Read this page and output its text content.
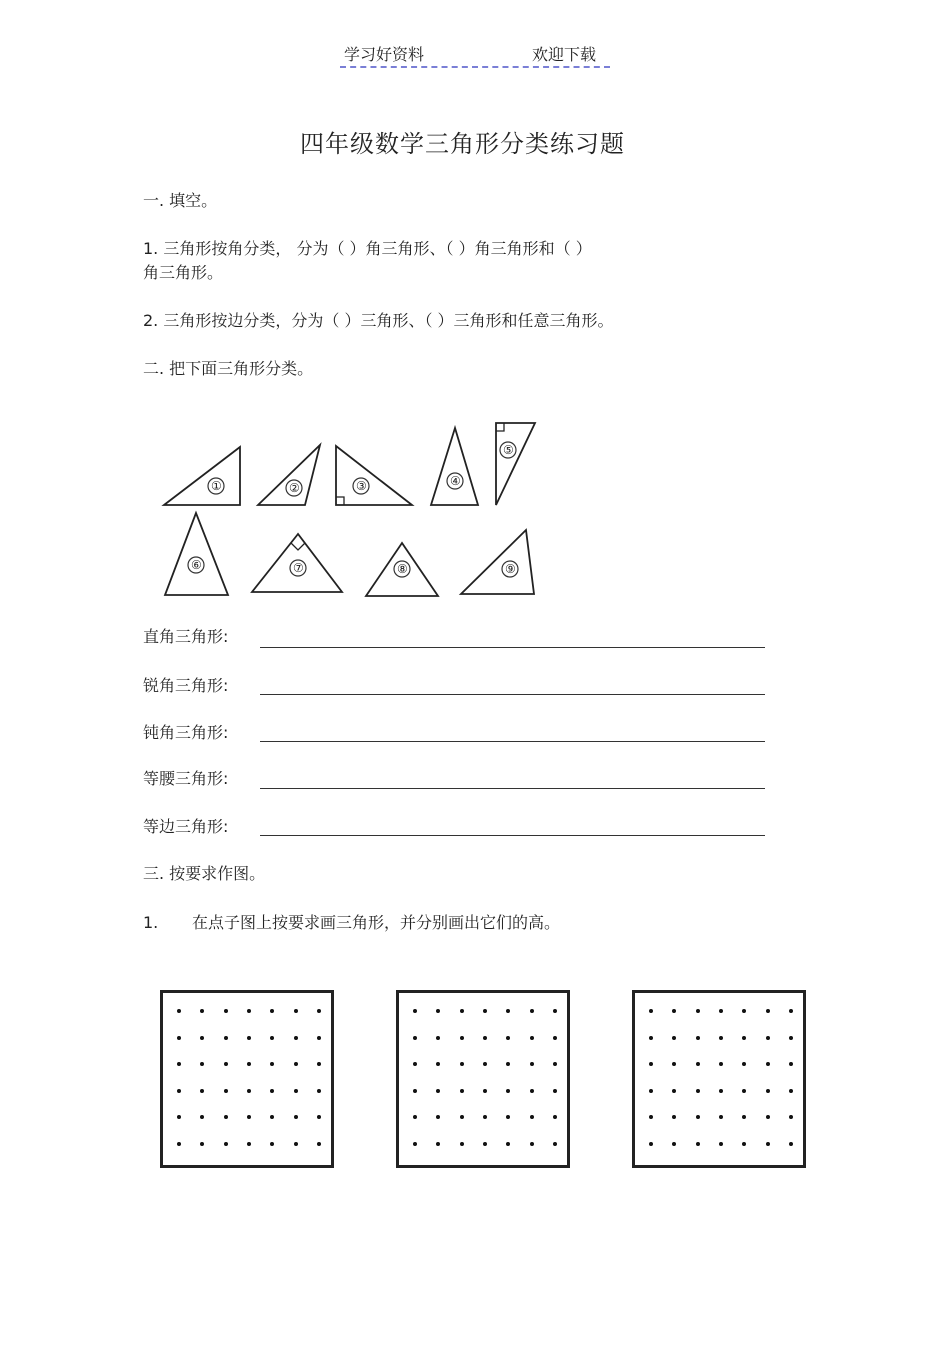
学习好资料	欢迎下载
四年级数学三角形分类练习题
一. 填空。
1. 三角形按角分类， 分为（ ）角三角形、（ ）角三角形和（ ）
角三角形。
2. 三角形按边分类，分为（ ）三角形、（ ）三角形和任意三角形。
二. 把下面三角形分类。
①	②	③	④
⑤
⑥	⑦	⑧	⑨
直角三角形:
锐角三角形:
钝角三角形:
等腰三角形:
等边三角形:
三. 按要求作图。
1. 在点子图上按要求画三角形，并分别画出它们的高。
